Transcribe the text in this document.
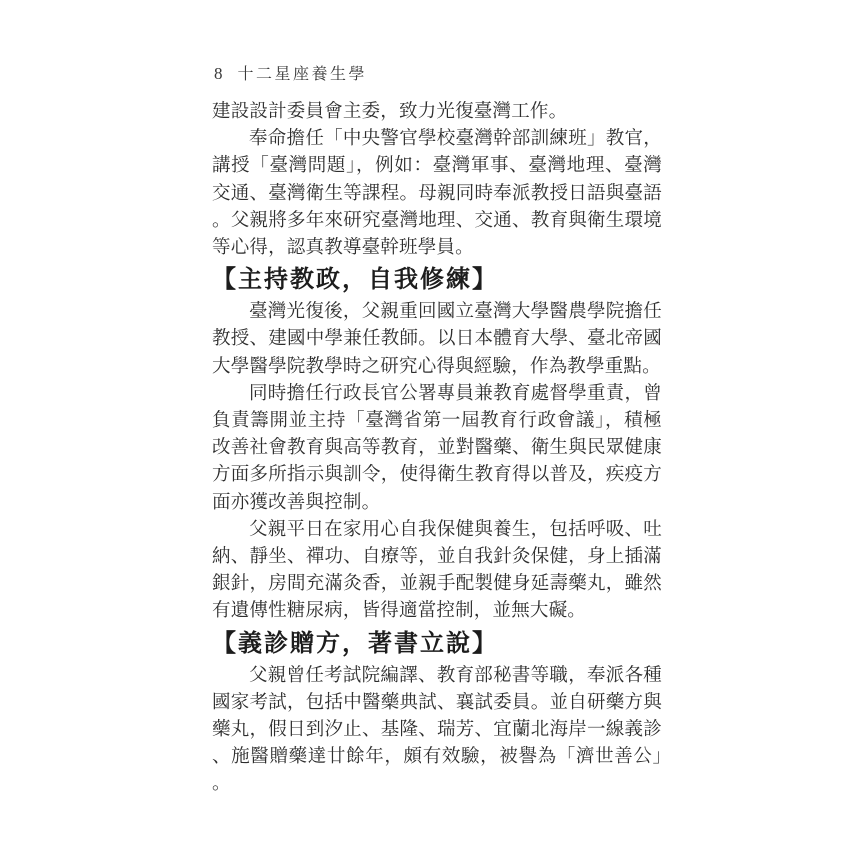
8 十二星座養生學

建設設計委員會主委，致力光復臺灣工作。

奉命擔任「中央警官學校臺灣幹部訓練班」教官，講授「臺灣問題」，例如：臺灣軍事、臺灣地理、臺灣交通、臺灣衛生等課程。母親同時奉派教授日語與臺語。父親將多年來研究臺灣地理、交通、教育與衛生環境等心得，認真教導臺幹班學員。

【主持教政，自我修練】

臺灣光復後，父親重回國立臺灣大學醫農學院擔任教授、建國中學兼任教師。以日本體育大學、臺北帝國大學醫學院教學時之研究心得與經驗，作為教學重點。

同時擔任行政長官公署專員兼教育處督學重責，曾負責籌開並主持「臺灣省第一屆教育行政會議」，積極改善社會教育與高等教育，並對醫藥、衛生與民眾健康方面多所指示與訓令，使得衛生教育得以普及，疾疫方面亦獲改善與控制。

父親平日在家用心自我保健與養生，包括呼吸、吐納、靜坐、禪功、自療等，並自我針灸保健，身上插滿銀針，房間充滿灸香，並親手配製健身延壽藥丸，雖然有遺傳性糖尿病，皆得適當控制，並無大礙。

【義診贈方，著書立說】

父親曾任考試院編譯、教育部秘書等職，奉派各種國家考試，包括中醫藥典試、襄試委員。並自研藥方與藥丸，假日到汐止、基隆、瑞芳、宜蘭北海岸一線義診、施醫贈藥達廿餘年，頗有效驗，被譽為「濟世善公」。
